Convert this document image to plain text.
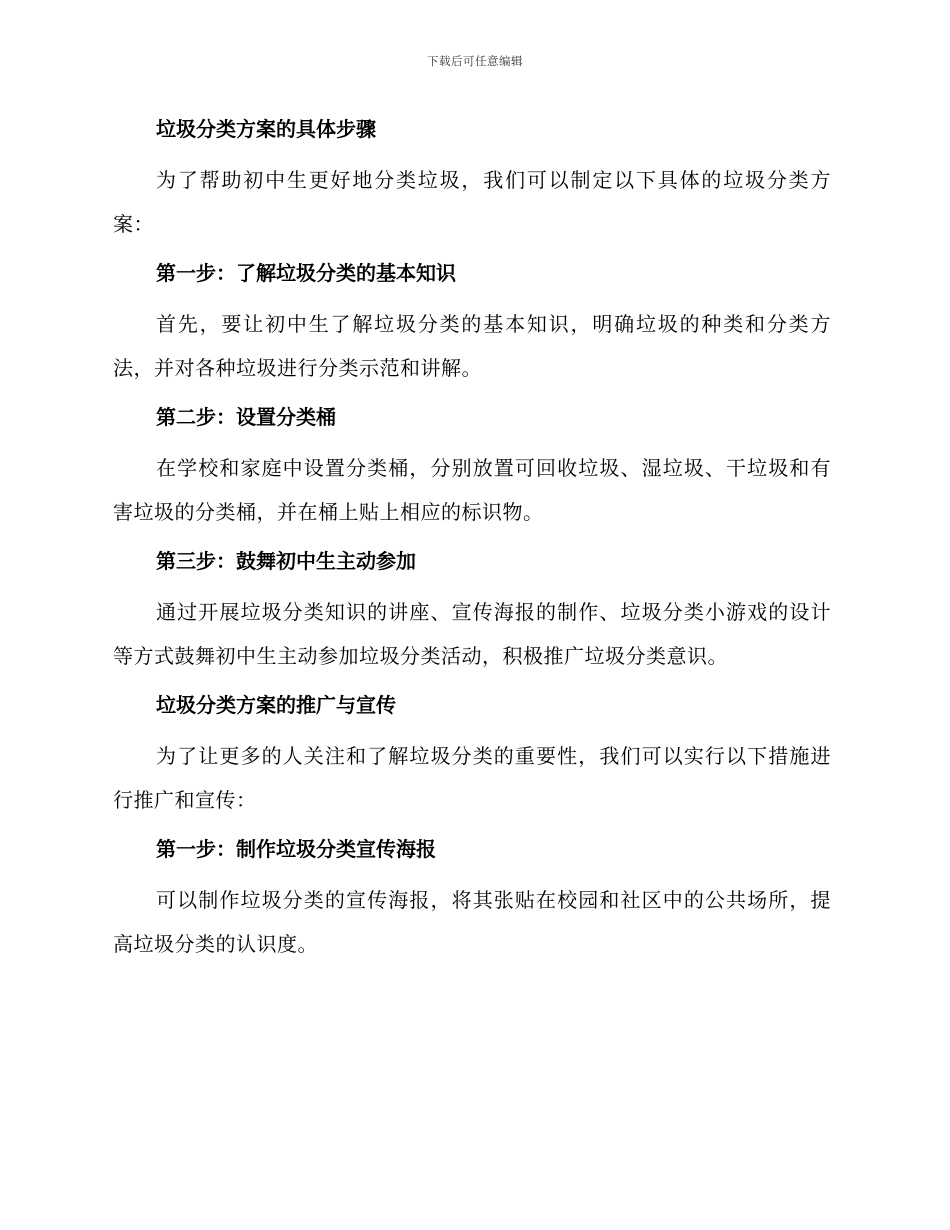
下载后可任意编辑
垃圾分类方案的具体步骤

为了帮助初中生更好地分类垃圾，我们可以制定以下具体的垃圾分类方案：

第一步：了解垃圾分类的基本知识

首先，要让初中生了解垃圾分类的基本知识，明确垃圾的种类和分类方法，并对各种垃圾进行分类示范和讲解。

第二步：设置分类桶

在学校和家庭中设置分类桶，分别放置可回收垃圾、湿垃圾、干垃圾和有害垃圾的分类桶，并在桶上贴上相应的标识物。

第三步：鼓舞初中生主动参加

通过开展垃圾分类知识的讲座、宣传海报的制作、垃圾分类小游戏的设计等方式鼓舞初中生主动参加垃圾分类活动，积极推广垃圾分类意识。

垃圾分类方案的推广与宣传

为了让更多的人关注和了解垃圾分类的重要性，我们可以实行以下措施进行推广和宣传：

第一步：制作垃圾分类宣传海报

可以制作垃圾分类的宣传海报，将其张贴在校园和社区中的公共场所，提高垃圾分类的认识度。
